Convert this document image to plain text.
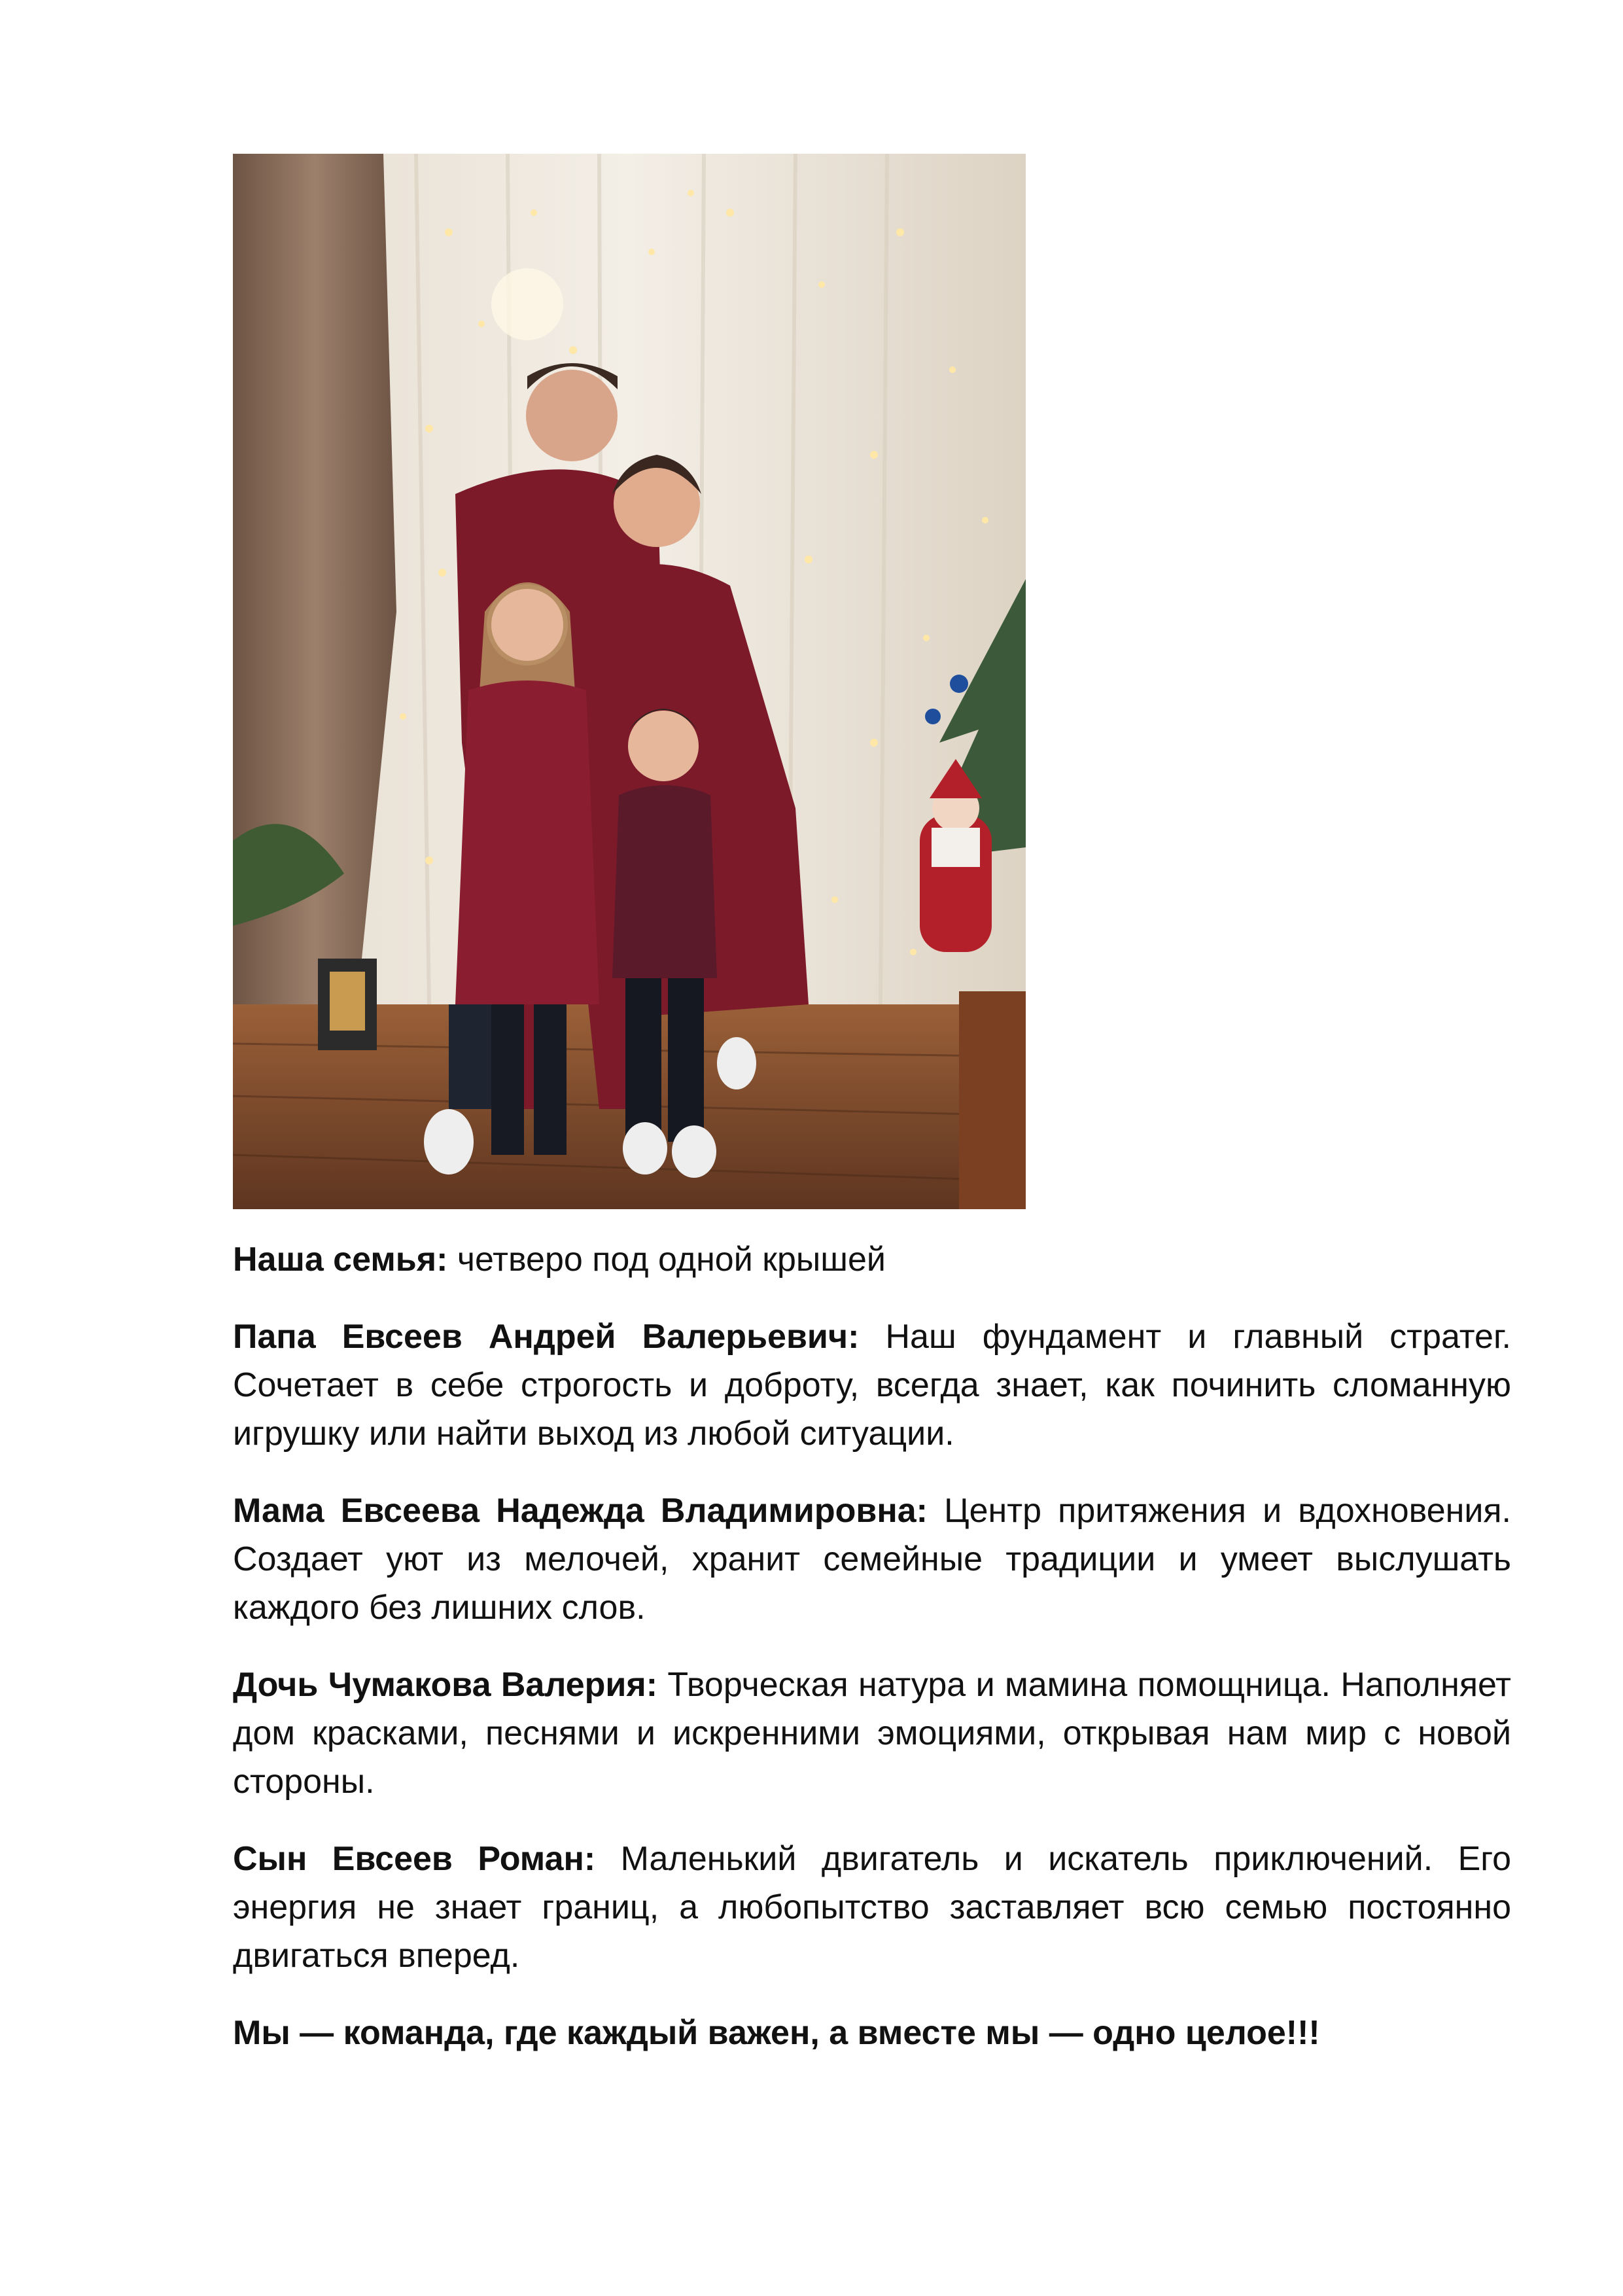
Наша семья: четверо под одной крышей

Папа Евсеев Андрей Валерьевич: Наш фундамент и главный стратег. Сочетает в себе строгость и доброту, всегда знает, как починить сломанную игрушку или найти выход из любой ситуации.

Мама Евсеева Надежда Владимировна: Центр притяжения и вдохновения. Создает уют из мелочей, хранит семейные традиции и умеет выслушать каждого без лишних слов.

Дочь Чумакова Валерия: Творческая натура и мамина помощница. Наполняет дом красками, песнями и искренними эмоциями, открывая нам мир с новой стороны.

Сын Евсеев Роман: Маленький двигатель и искатель приключений. Его энергия не знает границ, а любопытство заставляет всю семью постоянно двигаться вперед.

Мы — команда, где каждый важен, а вместе мы — одно целое!!!
